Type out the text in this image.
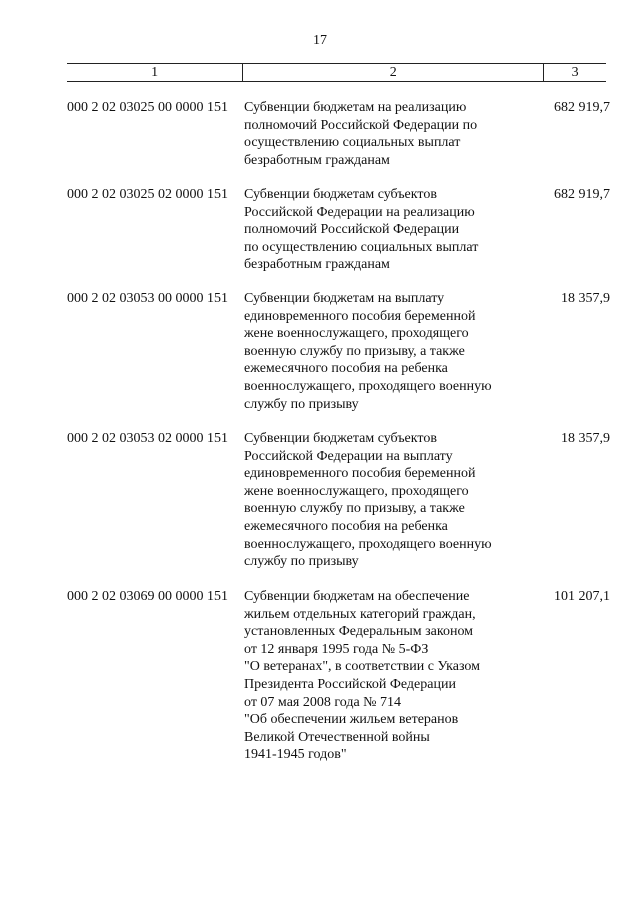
17
1	2	3
000 2 02 03025 00 0000 151	Субвенции бюджетам на реализацию
полномочий Российской Федерации по
осуществлению социальных выплат
безработным гражданам
682 919,7
000 2 02 03025 02 0000 151	Субвенции бюджетам субъектов
Российской Федерации на реализацию
полномочий Российской Федерации
по осуществлению социальных выплат
безработным гражданам
682 919,7
000 2 02 03053 00 0000 151	Субвенции бюджетам на выплату
единовременного пособия беременной
жене военнослужащего, проходящего
военную службу по призыву, а также
ежемесячного пособия на ребенка
военнослужащего, проходящего военную
службу по призыву
18 357,9
000 2 02 03053 02 0000 151	Субвенции бюджетам субъектов
Российской Федерации на выплату
единовременного пособия беременной
жене военнослужащего, проходящего
военную службу по призыву, а также
ежемесячного пособия на ребенка
военнослужащего, проходящего военную
службу по призыву
18 357,9
000 2 02 03069 00 0000 151	Субвенции бюджетам на обеспечение
жильем отдельных категорий граждан,
установленных Федеральным законом
от 12 января 1995 года № 5-ФЗ
"О ветеранах", в соответствии с Указом
Президента Российской Федерации
от 07 мая 2008 года № 714
"Об обеспечении жильем ветеранов
Великой Отечественной войны
1941-1945 годов"
101 207,1
